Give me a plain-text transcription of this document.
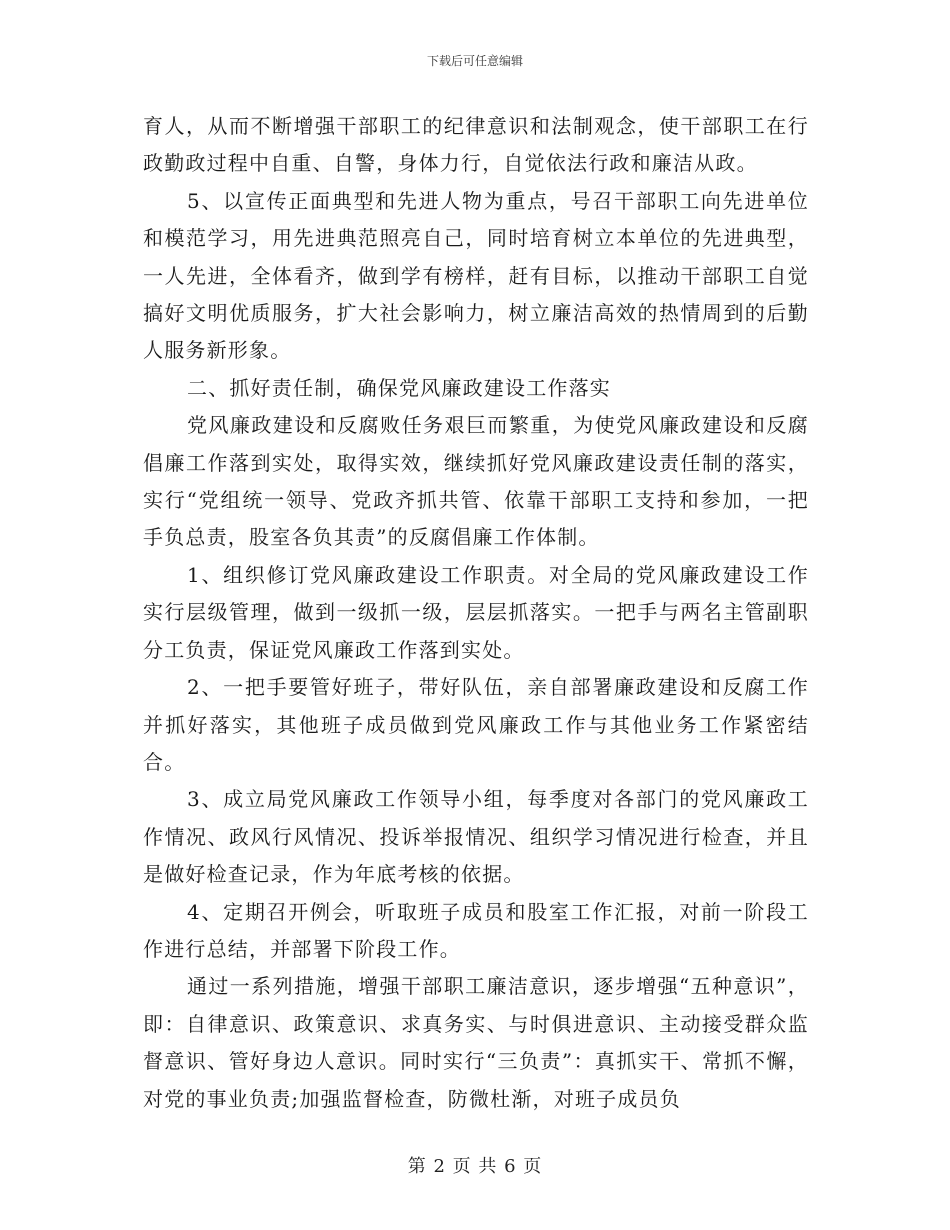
下载后可任意编辑

育人，从而不断增强干部职工的纪律意识和法制观念，使干部职工在行政勤政过程中自重、自警，身体力行，自觉依法行政和廉洁从政。

5、以宣传正面典型和先进人物为重点，号召干部职工向先进单位和模范学习，用先进典范照亮自己，同时培育树立本单位的先进典型，一人先进，全体看齐，做到学有榜样，赶有目标，以推动干部职工自觉搞好文明优质服务，扩大社会影响力，树立廉洁高效的热情周到的后勤人服务新形象。

二、抓好责任制，确保党风廉政建设工作落实

党风廉政建设和反腐败任务艰巨而繁重，为使党风廉政建设和反腐倡廉工作落到实处，取得实效，继续抓好党风廉政建设责任制的落实，实行“党组统一领导、党政齐抓共管、依靠干部职工支持和参加，一把手负总责，股室各负其责”的反腐倡廉工作体制。

1、组织修订党风廉政建设工作职责。对全局的党风廉政建设工作实行层级管理，做到一级抓一级，层层抓落实。一把手与两名主管副职分工负责，保证党风廉政工作落到实处。

2、一把手要管好班子，带好队伍，亲自部署廉政建设和反腐工作并抓好落实，其他班子成员做到党风廉政工作与其他业务工作紧密结合。

3、成立局党风廉政工作领导小组，每季度对各部门的党风廉政工作情况、政风行风情况、投诉举报情况、组织学习情况进行检查，并且是做好检查记录，作为年底考核的依据。

4、定期召开例会，听取班子成员和股室工作汇报，对前一阶段工作进行总结，并部署下阶段工作。

通过一系列措施，增强干部职工廉洁意识，逐步增强“五种意识”，即：自律意识、政策意识、求真务实、与时俱进意识、主动接受群众监督意识、管好身边人意识。同时实行“三负责”：真抓实干、常抓不懈，对党的事业负责;加强监督检查，防微杜渐，对班子成员负

第 2 页 共 6 页
